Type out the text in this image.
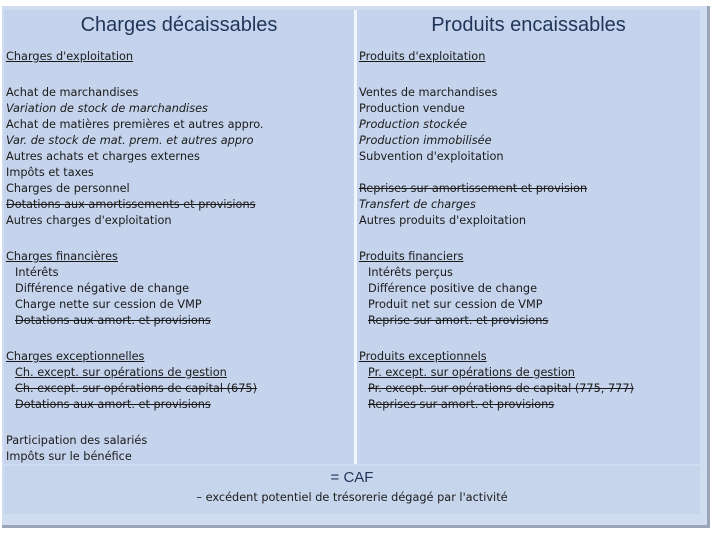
Charges décaissables
Charges d'exploitation
Achat de marchandises
Variation de stock de marchandises
Achat de matières premières et autres appro.
Var. de stock de mat. prem. et autres appro
Autres achats et charges externes
Impôts et taxes
Charges de personnel
Dotations aux amortissements et provisions
Autres charges d'exploitation
Charges financières
Intérêts
Différence négative de change
Charge nette sur cession de VMP
Dotations aux amort. et provisions
Charges exceptionnelles
Ch. except. sur opérations de gestion
Ch. except. sur opérations de capital (675)
Dotations aux amort. et provisions
Participation des salariés
Impôts sur le bénéfice
Produits encaissables
Produits d'exploitation
Ventes de marchandises
Production vendue
Production stockée
Production immobilisée
Subvention d'exploitation
Reprises sur amortissement et provision
Transfert de charges
Autres produits d'exploitation
Produits financiers
Intérêts perçus
Différence positive de change
Produit net sur cession de VMP
Reprise sur amort. et provisions
Produits exceptionnels
Pr. except. sur opérations de gestion
Pr. except. sur opérations de capital (775, 777)
Reprises sur amort. et provisions
= CAF
– excédent potentiel de trésorerie dégagé par l'activité
